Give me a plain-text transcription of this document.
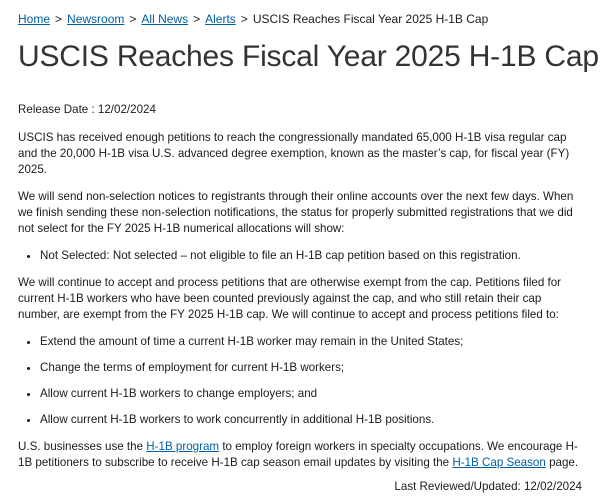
Home > Newsroom > All News > Alerts > USCIS Reaches Fiscal Year 2025 H-1B Cap
USCIS Reaches Fiscal Year 2025 H-1B Cap

Release Date : 12/02/2024

USCIS has received enough petitions to reach the congressionally mandated 65,000 H-1B visa regular cap and the 20,000 H-1B visa U.S. advanced degree exemption, known as the master’s cap, for fiscal year (FY) 2025.

We will send non-selection notices to registrants through their online accounts over the next few days. When we finish sending these non-selection notifications, the status for properly submitted registrations that we did not select for the FY 2025 H-1B numerical allocations will show:

• Not Selected: Not selected – not eligible to file an H-1B cap petition based on this registration.

We will continue to accept and process petitions that are otherwise exempt from the cap. Petitions filed for current H-1B workers who have been counted previously against the cap, and who still retain their cap number, are exempt from the FY 2025 H-1B cap. We will continue to accept and process petitions filed to:

• Extend the amount of time a current H-1B worker may remain in the United States;
• Change the terms of employment for current H-1B workers;
• Allow current H-1B workers to change employers; and
• Allow current H-1B workers to work concurrently in additional H-1B positions.

U.S. businesses use the H-1B program to employ foreign workers in specialty occupations. We encourage H-1B petitioners to subscribe to receive H-1B cap season email updates by visiting the H-1B Cap Season page.

Last Reviewed/Updated: 12/02/2024
